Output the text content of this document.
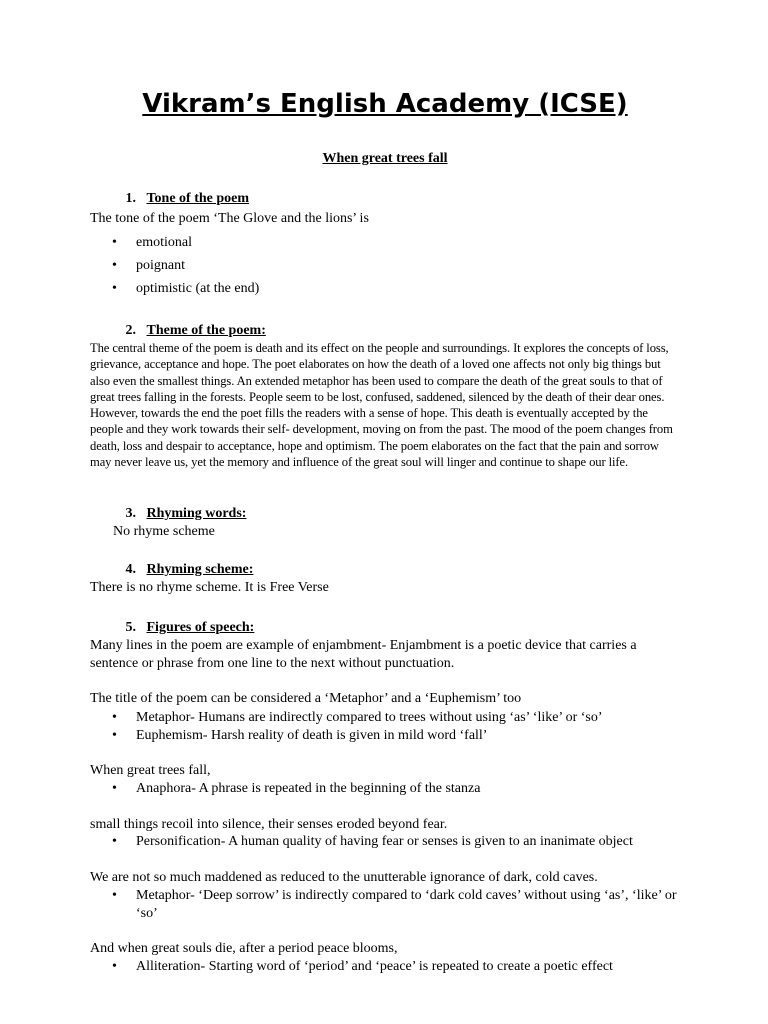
Vikram’s English Academy (ICSE)
When great trees fall

1. Tone of the poem

The tone of the poem ‘The Glove and the lions’ is

• emotional
• poignant
• optimistic (at the end)

2. Theme of the poem:

The central theme of the poem is death and its effect on the people and surroundings. It explores the concepts of loss, grievance, acceptance and hope. The poet elaborates on how the death of a loved one affects not only big things but also even the smallest things. An extended metaphor has been used to compare the death of the great souls to that of great trees falling in the forests. People seem to be lost, confused, saddened, silenced by the death of their dear ones. However, towards the end the poet fills the readers with a sense of hope. This death is eventually accepted by the people and they work towards their self- development, moving on from the past. The mood of the poem changes from death, loss and despair to acceptance, hope and optimism. The poem elaborates on the fact that the pain and sorrow may never leave us, yet the memory and influence of the great soul will linger and continue to shape our life.

3. Rhyming words:

No rhyme scheme

4. Rhyming scheme:

There is no rhyme scheme. It is Free Verse

5. Figures of speech:

Many lines in the poem are example of enjambment- Enjambment is a poetic device that carries a sentence or phrase from one line to the next without punctuation.

The title of the poem can be considered a ‘Metaphor’ and a ‘Euphemism’ too

• Metaphor- Humans are indirectly compared to trees without using ‘as’ ‘like’ or ‘so’
• Euphemism- Harsh reality of death is given in mild word ‘fall’

When great trees fall,

• Anaphora- A phrase is repeated in the beginning of the stanza

small things recoil into silence, their senses eroded beyond fear.

• Personification- A human quality of having fear or senses is given to an inanimate object

We are not so much maddened as reduced to the unutterable ignorance of dark, cold caves.

• Metaphor- ‘Deep sorrow’ is indirectly compared to ‘dark cold caves’ without using ‘as’, ‘like’ or ‘so’

And when great souls die, after a period peace blooms,

• Alliteration- Starting word of ‘period’ and ‘peace’ is repeated to create a poetic effect
